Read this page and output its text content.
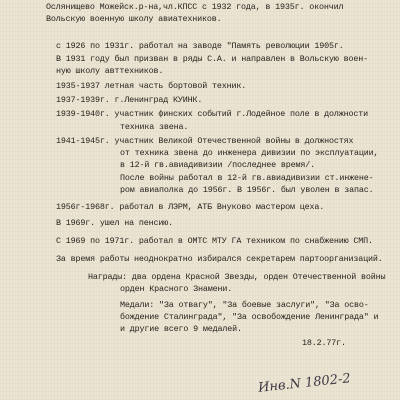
Ослянищево Можейск.р-на,чл.КПСС с 1932 года, в 1935г. окончил
Вольскую военную школу авиатехников.
с 1926 по 1931г. работал на заводе "Память революции 1905г.
В 1931 году был призван в ряды С.А. и направлен в Вольскую воен-
ную школу авттехников.
1935-1937 летная часть бортовой техник.
1937-1939г. г.Ленинград КУИНК.
1939-1940г. участник финских событий г.Лодейное поле в должности
техника звена.
1941-1945г. участник Великой Отечественной войны в должностях
от техника звена до инженера дивизии по эксплуатации,
в 12-й гв.авиадивизии /последнее время/.
После войны работал в 12-й гв.авиадивизии ст.инжене-
ром авиаполка до 1956г. В 1956г. был уволен в запас.
1956г-1968г. работал в ЛЭРМ, АТБ Внуково мастером цеха.
В 1969г. ушел на пенсию.
С 1969 по 1971г. работал в ОМТС МТУ ГА техником по снабжению СМП.
За время работы неоднократно избирался секретарем партоорганизаций.
Награды: два ордена Красной Звезды, орден Отечественной войны
орден Красного Знамени.
Медали: "За отвагу", "За боевые заслуги", "За осво-
бождение Сталинграда", "За освобождение Ленинграда" и
и другие всего 9 медалей.
18.2.77г.
Инв.N 1802-2
